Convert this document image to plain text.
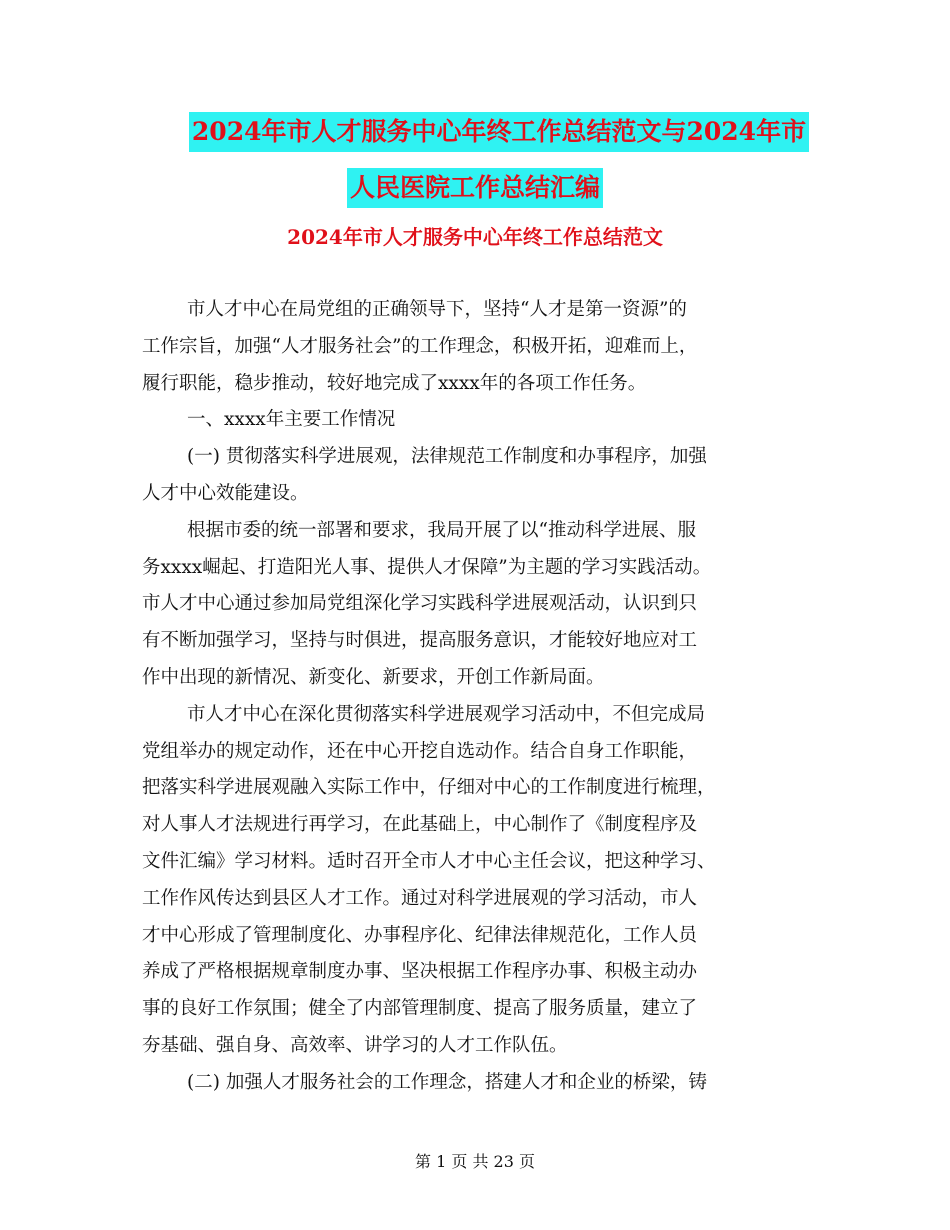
2024年市人才服务中心年终工作总结范文与2024年市
人民医院工作总结汇编
2024年市人才服务中心年终工作总结范文
市人才中心在局党组的正确领导下，坚持“人才是第一资源”的
工作宗旨，加强“人才服务社会”的工作理念，积极开拓，迎难而上，
履行职能，稳步推动，较好地完成了xxxx年的各项工作任务。
一、xxxx年主要工作情况
(一) 贯彻落实科学进展观，法律规范工作制度和办事程序，加强
人才中心效能建设。
根据市委的统一部署和要求，我局开展了以“推动科学进展、服
务xxxx崛起、打造阳光人事、提供人才保障”为主题的学习实践活动。
市人才中心通过参加局党组深化学习实践科学进展观活动，认识到只
有不断加强学习，坚持与时俱进，提高服务意识，才能较好地应对工
作中出现的新情况、新变化、新要求，开创工作新局面。
市人才中心在深化贯彻落实科学进展观学习活动中，不但完成局
党组举办的规定动作，还在中心开挖自选动作。结合自身工作职能，
把落实科学进展观融入实际工作中，仔细对中心的工作制度进行梳理，
对人事人才法规进行再学习，在此基础上，中心制作了《制度程序及
文件汇编》学习材料。适时召开全市人才中心主任会议，把这种学习、
工作作风传达到县区人才工作。通过对科学进展观的学习活动，市人
才中心形成了管理制度化、办事程序化、纪律法律规范化，工作人员
养成了严格根据规章制度办事、坚决根据工作程序办事、积极主动办
事的良好工作氛围；健全了内部管理制度、提高了服务质量，建立了
夯基础、强自身、高效率、讲学习的人才工作队伍。
(二) 加强人才服务社会的工作理念，搭建人才和企业的桥梁，铸
第 1 页 共 23 页
